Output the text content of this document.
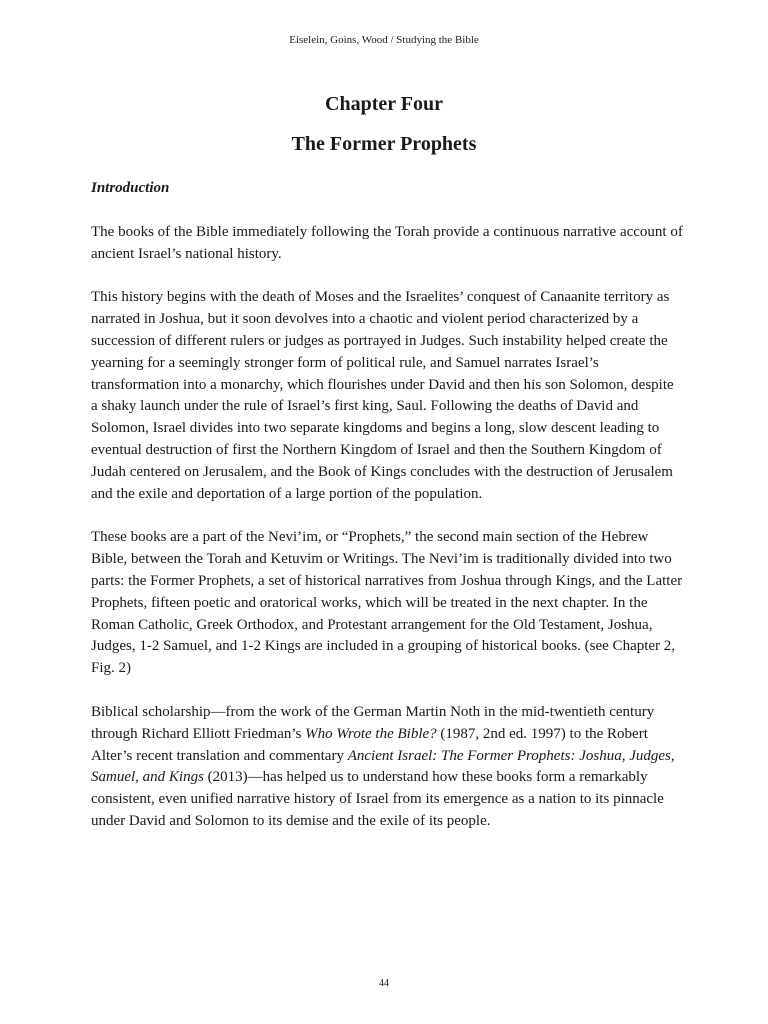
Eiselein, Goins, Wood / Studying the Bible
Chapter Four
The Former Prophets
Introduction

The books of the Bible immediately following the Torah provide a continuous narrative account of ancient Israel’s national history.

This history begins with the death of Moses and the Israelites’ conquest of Canaanite territory as narrated in Joshua, but it soon devolves into a chaotic and violent period characterized by a succession of different rulers or judges as portrayed in Judges. Such instability helped create the yearning for a seemingly stronger form of political rule, and Samuel narrates Israel’s transformation into a monarchy, which flourishes under David and then his son Solomon, despite a shaky launch under the rule of Israel’s first king, Saul. Following the deaths of David and Solomon, Israel divides into two separate kingdoms and begins a long, slow descent leading to eventual destruction of first the Northern Kingdom of Israel and then the Southern Kingdom of Judah centered on Jerusalem, and the Book of Kings concludes with the destruction of Jerusalem and the exile and deportation of a large portion of the population.

These books are a part of the Nevi’im, or “Prophets,” the second main section of the Hebrew Bible, between the Torah and Ketuvim or Writings. The Nevi’im is traditionally divided into two parts: the Former Prophets, a set of historical narratives from Joshua through Kings, and the Latter Prophets, fifteen poetic and oratorical works, which will be treated in the next chapter. In the Roman Catholic, Greek Orthodox, and Protestant arrangement for the Old Testament, Joshua, Judges, 1-2 Samuel, and 1-2 Kings are included in a grouping of historical books. (see Chapter 2, Fig. 2)

Biblical scholarship—from the work of the German Martin Noth in the mid-twentieth century through Richard Elliott Friedman’s Who Wrote the Bible? (1987, 2nd ed. 1997) to the Robert Alter’s recent translation and commentary Ancient Israel: The Former Prophets: Joshua, Judges, Samuel, and Kings (2013)—has helped us to understand how these books form a remarkably consistent, even unified narrative history of Israel from its emergence as a nation to its pinnacle under David and Solomon to its demise and the exile of its people.

44
